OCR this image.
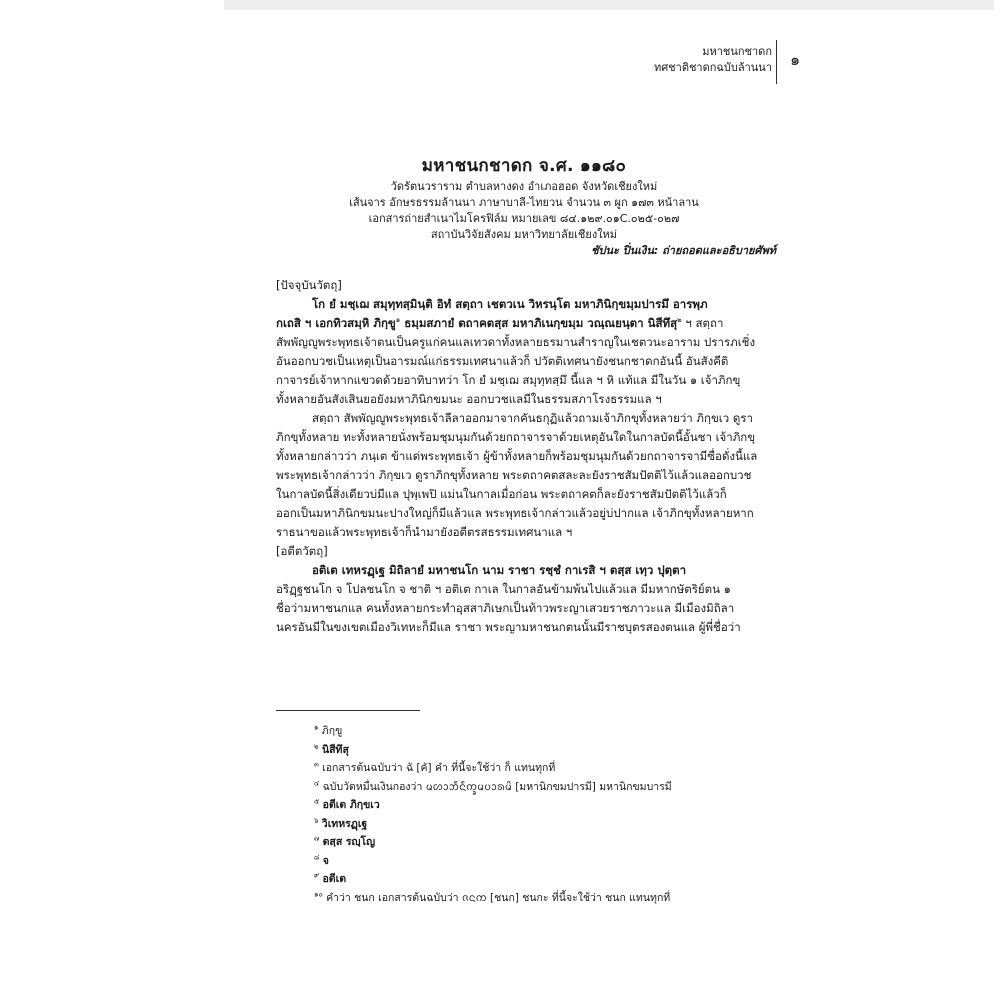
มหาชนกชาดก
ทศชาติชาดกฉบับล้านนา ๑
มหาชนกชาดก จ.ศ. ๑๑๘๐
วัดรัตนวราราม ตำบลหางดง อำเภอฮอด จังหวัดเชียงใหม่
เส้นจาร อักษรธรรมล้านนา ภาษาบาลี-ไทยวน จำนวน ๓ ผูก ๑๗๓ หน้าลาน
เอกสารถ่ายสำเนาไมโครฟิล์ม หมายเลข ๘๔.๑๒๙.๐๑C.๐๒๕-๐๒๗
สถาบันวิจัยสังคม มหาวิทยาลัยเชียงใหม่
ชัปนะ ปิ่นเงิน: ถ่ายถอดและอธิบายศัพท์

[ปัจจุบันวัตถุ]

โก ยํ มชฺเฌ สมุทฺทสฺมินฺติ อิทํ สตฺถา เชตวเน วิหรนฺโต มหาภินิกฺขมฺมปารมึ อารพฺภ

กเถสิ ฯ เอกทิวสมฺหิ ภิกฺขู$^๑$ ธมฺมสภายํ ตถาคตสฺส มหาภิเนกฺขมฺม วณฺณยนฺตา นิสีทึสุ$^๒$ ฯ สตฺถา

สัพพัญญูพระพุทธเจ้าตนเป็นครูแก่คนแลเทวดาทั้งหลายธรมานสำราญในเชตวนะอาราม ปรารภเชิ่ง

อันออกบวชเป็นเหตุเป็นอารมณ์แก่ธรรมเทศนาแล้วก็ ปวัตติเทศนายังชนกชาดกอันนี้ อันสังคีติ

กาจารย์เจ้าหากแขวดด้วยอาทิบาทว่า โก ยํ มชฺเฌ สมุทฺทสฺมึ นี้แล ฯ หิ แท้แล มีในวัน ๑ เจ้าภิกขุ

ทั้งหลายอันสังเสินยอยังมหาภินิกขมนะ ออกบวชแลมีในธรรมสภาโรงธรรมแล ฯ

สตฺถา สัพพัญญูพระพุทธเจ้าลีลาออกมาจากคันธกุฏิแล้วถามเจ้าภิกขุทั้งหลายว่า ภิกฺขเว ดูรา

ภิกขุทั้งหลาย ทะทั้งหลายนั่งพร้อมชุมนุมกันด้วยกถาจารจาด้วยเหตุอันใดในกาลบัดนี้อั้นชา เจ้าภิกขุ

ทั้งหลายกล่าวว่า ภนฺเต ข้าแด่พระพุทธเจ้า ผู้ข้าทั้งหลายก็พร้อมชุมนุมกันด้วยกถาจารจามีซื่อดั่งนี้แล

พระพุทธเจ้ากล่าวว่า ภิกฺขเว ดูราภิกขุทั้งหลาย พระตถาคตสละละยังราชสัมปัตติไว้แล้วแลออกบวช

ในกาลบัดนี้สิ่งเดียวบ่มีแล ปุพฺเพปิ แม่นในกาลเมื่อก่อน พระตถาคตก็ละยังราชสัมปัตติไว้แล้วก็

ออกเป็นมหาภินิกขมนะปางใหญ่ก็มีแล้วแล พระพุทธเจ้ากล่าวแล้วอยู่บ่ปากแล เจ้าภิกขุทั้งหลายหาก

ราธนาขอแล้วพระพุทธเจ้าก็นำมายังอตีตรสธรรมเทศนาแล ฯ

[อตีตวัตถุ]

อติเต เทหรฏฺเฐ มิถิลายํ มหาชนโก นาม ราชา รชฺชํ กาเรสิ ฯ ตสฺส เทฺว ปุตฺตา

อริฏฺฐชนโก จ โปลชนโก จ ชาติ ฯ อติเต กาเล ในกาลอันข้ามพ้นไปแล้วแล มีมหากษัตริย์ตน ๑

ชื่อว่ามหาชนกแล คนทั้งหลายกระทำอุสสาภิเษกเป็นท้าวพระญาเสวยราชภาวะแล มีเมืองมิถิลา

นครอันมีในขงเขตเมืองวิเทหะก็มีแล ราชา พระญามหาชนกตนนั้นมีราชบุตรสองตนแล ผู้พี่ชื่อว่า

$^๑$ ภิกฺขู
$^๒$ นิสีทึสุ
$^๓$ เอกสารต้นฉบับว่า ฉั [คั] คำ ที่นี้จะใช้ว่า ก็ แทนทุกที่
$^๔$ ฉบับวัดหมื่นเงินกองว่า ᨾᩉᩣᨽᩥᨶᩥᨠ᩠ᨡᨾᨷᩣᩁᨾᩦ [มหานิกขมปารมี] มหานิกขมบารมี
$^๕$ อตีเต ภิกฺขเว
$^๖$ วิเทหรฏฺเฐ
$^๗$ ตสฺส รญฺโญ
$^๘$ จ
$^๙$ อตีเต
$^{๑๐}$ คำว่า ชนก เอกสารต้นฉบับว่า ᨩᨶᨠ [ชนก] ชนกะ ที่นี้จะใช้ว่า ชนก แทนทุกที่
